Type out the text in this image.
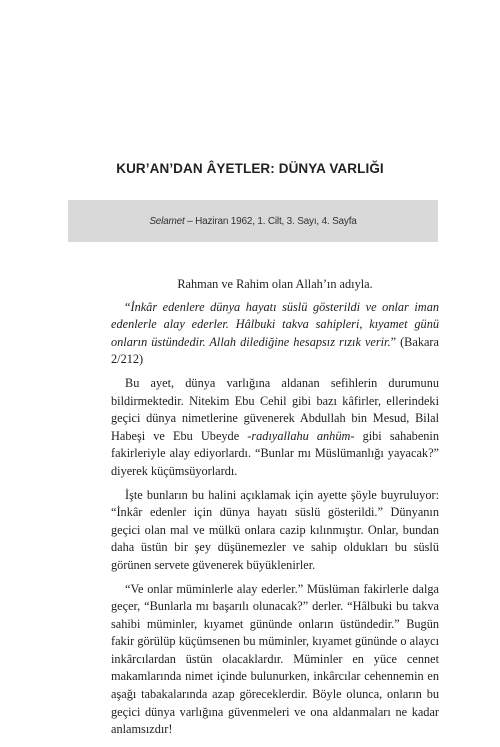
KUR’AN’DAN ÂYETLER: DÜNYA VARLIĞI
Selamet – Haziran 1962, 1. Cilt, 3. Sayı, 4. Sayfa

Rahman ve Rahim olan Allah’ın adıyla.

“İnkâr edenlere dünya hayatı süslü gösterildi ve onlar iman edenlerle alay ederler. Hâlbuki takva sahipleri, kıyamet günü onların üstündedir. Allah dilediğine hesapsız rızık verir.” (Bakara 2/212)

Bu ayet, dünya varlığına aldanan sefihlerin durumunu bildirmektedir. Nitekim Ebu Cehil gibi bazı kâfirler, ellerindeki geçici dünya nimetlerine güvenerek Abdullah bin Mesud, Bilal Habeşi ve Ebu Ubeyde -radıyallahu anhüm- gibi sahabenin fakirleriyle alay ediyorlardı. “Bunlar mı Müslümanlığı yayacak?” diyerek küçümsüyorlardı.

İşte bunların bu halini açıklamak için ayette şöyle buyruluyor: “İnkâr edenler için dünya hayatı süslü gösterildi.” Dünyanın geçici olan mal ve mülkü onlara cazip kılınmıştır. Onlar, bundan daha üstün bir şey düşünemezler ve sahip oldukları bu süslü görünen servete güvenerek büyüklenirler.

“Ve onlar müminlerle alay ederler.” Müslüman fakirlerle dalga geçer, “Bunlarla mı başarılı olunacak?” derler. “Hâlbuki bu takva sahibi müminler, kıyamet gününde onların üstündedir.” Bugün fakir görülüp küçümsenen bu müminler, kıyamet gününde o alaycı inkârcılardan üstün olacaklardır. Müminler en yüce cennet makamlarında nimet içinde bulunurken, inkârcılar cehennemin en aşağı tabakalarında azap göreceklerdir. Böyle olunca, onların bu geçici dünya varlığına güvenmeleri ve ona aldanmaları ne kadar anlamsızdır!
